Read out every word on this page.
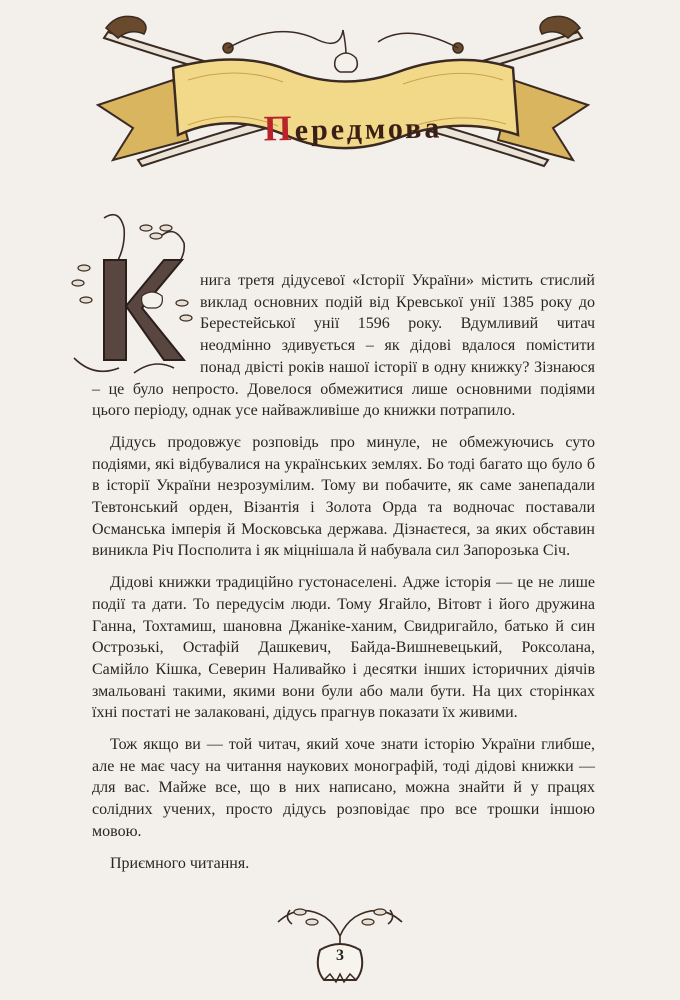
Передмова

нига третя дідусевої «Історії України» містить стислий виклад основних подій від Кревської унії 1385 року до Берестейської унії 1596 року. Вдумливий читач неодмінно здивується – як дідові вдалося помістити понад двісті років нашої історії в одну книжку? Зізнаюся – це було непросто. Довелося обмежитися лише основними подіями цього періоду, однак усе найважливіше до книжки потрапило.

Дідусь продовжує розповідь про минуле, не обмежуючись суто подіями, які відбувалися на українських землях. Бо тоді багато що було б в історії України незрозумілим. Тому ви побачите, як саме занепадали Тевтонський орден, Візантія і Золота Орда та водночас поставали Османська імперія й Московська держава. Дізнаєтеся, за яких обставин виникла Річ Посполита і як міцнішала й набувала сил Запорозька Січ.

Дідові книжки традиційно густонаселені. Адже історія — це не лише події та дати. То передусім люди. Тому Ягайло, Вітовт і його дружина Ганна, Тохтамиш, шановна Джаніке-ханим, Свидригайло, батько й син Острозькі, Остафій Дашкевич, Байда-Вишневецький, Роксолана, Самійло Кішка, Северин Наливайко і десятки інших історичних діячів змальовані такими, якими вони були або мали бути. На цих сторінках їхні постаті не залаковані, дідусь прагнув показати їх живими.

Тож якщо ви — той читач, який хоче знати історію України глибше, але не має часу на читання наукових монографій, тоді дідові книжки — для вас. Майже все, що в них написано, можна знайти й у працях солідних учених, просто дідусь розповідає про все трошки іншою мовою.

Приємного читання.

3
